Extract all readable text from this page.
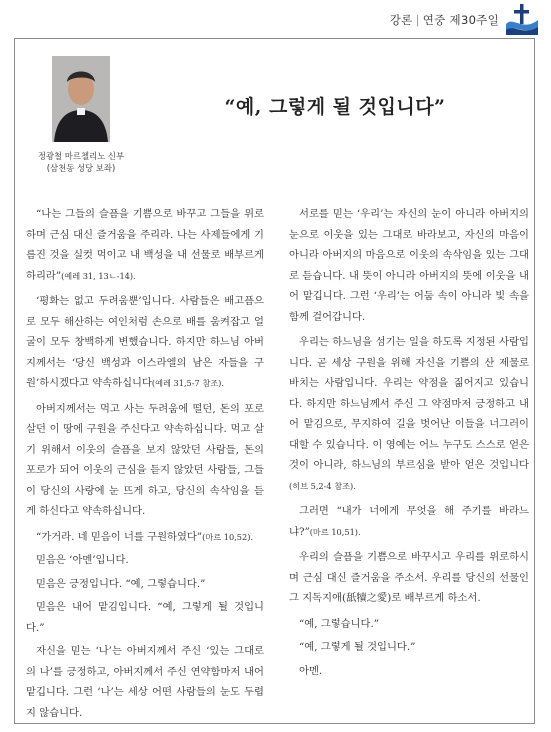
강론 | 연중 제30주일
정광철 마르첼리노 신부
(삼천동 성당 보좌)
“예, 그렇게 될 것입니다”

“나는 그들의 슬픔을 기쁨으로 바꾸고 그들을 위로하며 근심 대신 즐거움을 주리라. 나는 사제들에게 기름진 것을 실컷 먹이고 내 백성을 내 선물로 배부르게 하리라”(예레 31, 13ㄴ-14).

‘평화는 없고 두려움뿐’입니다. 사람들은 배고픔으로 모두 해산하는 여인처럼 손으로 배를 움켜잡고 얼굴이 모두 창백하게 변했습니다. 하지만 하느님 아버지께서는 ‘당신 백성과 이스라엘의 남은 자들을 구원’하시겠다고 약속하십니다(예레 31,5-7 참조).

아버지께서는 먹고 사는 두려움에 떨던, 돈의 포로 살던 이 땅에 구원을 주신다고 약속하십니다. 먹고 살기 위해서 이웃의 슬픔을 보지 않았던 사람들, 돈의 포로가 되어 이웃의 근심을 듣지 않았던 사람들, 그들이 당신의 사랑에 눈 뜨게 하고, 당신의 속삭임을 듣게 하신다고 약속하십니다.

“가거라. 네 믿음이 너를 구원하였다”(마르 10,52).

믿음은 ‘아멘’입니다.

믿음은 긍정입니다. “예, 그렇습니다.”

믿음은 내어 맡김입니다. “예, 그렇게 될 것입니다.”

자신을 믿는 ‘나’는 아버지께서 주신 ‘있는 그대로의 나’를 긍정하고, 아버지께서 주신 연약함마저 내어 맡깁니다. 그런 ‘나’는 세상 어떤 사람들의 눈도 두렵지 않습니다.

서로를 믿는 ‘우리’는 자신의 눈이 아니라 아버지의 눈으로 이웃을 있는 그대로 바라보고, 자신의 마음이 아니라 아버지의 마음으로 이웃의 속삭임을 있는 그대로 듣습니다. 내 뜻이 아니라 아버지의 뜻에 이웃을 내어 맡깁니다. 그런 ‘우리’는 어둠 속이 아니라 빛 속을 함께 걸어갑니다.

우리는 하느님을 섬기는 일을 하도록 지정된 사람입니다. 곧 세상 구원을 위해 자신을 기쁨의 산 제물로 바치는 사람입니다. 우리는 약점을 짊어지고 있습니다. 하지만 하느님께서 주신 그 약점마저 긍정하고 내어 맡김으로, 무지하여 길을 벗어난 이들을 너그러이 대할 수 있습니다. 이 영예는 어느 누구도 스스로 얻은 것이 아니라, 하느님의 부르심을 받아 얻은 것입니다(히브 5,2-4 참조).

그러면 “내가 너에게 무엇을 해 주기를 바라느냐?”(마르 10,51).

우리의 슬픔을 기쁨으로 바꾸시고 우리를 위로하시며 근심 대신 즐거움을 주소서. 우리를 당신의 선물인 그 지독지애(舐犢之愛)로 배부르게 하소서.

“예, 그렇습니다.”

“예, 그렇게 될 것입니다.”

아멘.
